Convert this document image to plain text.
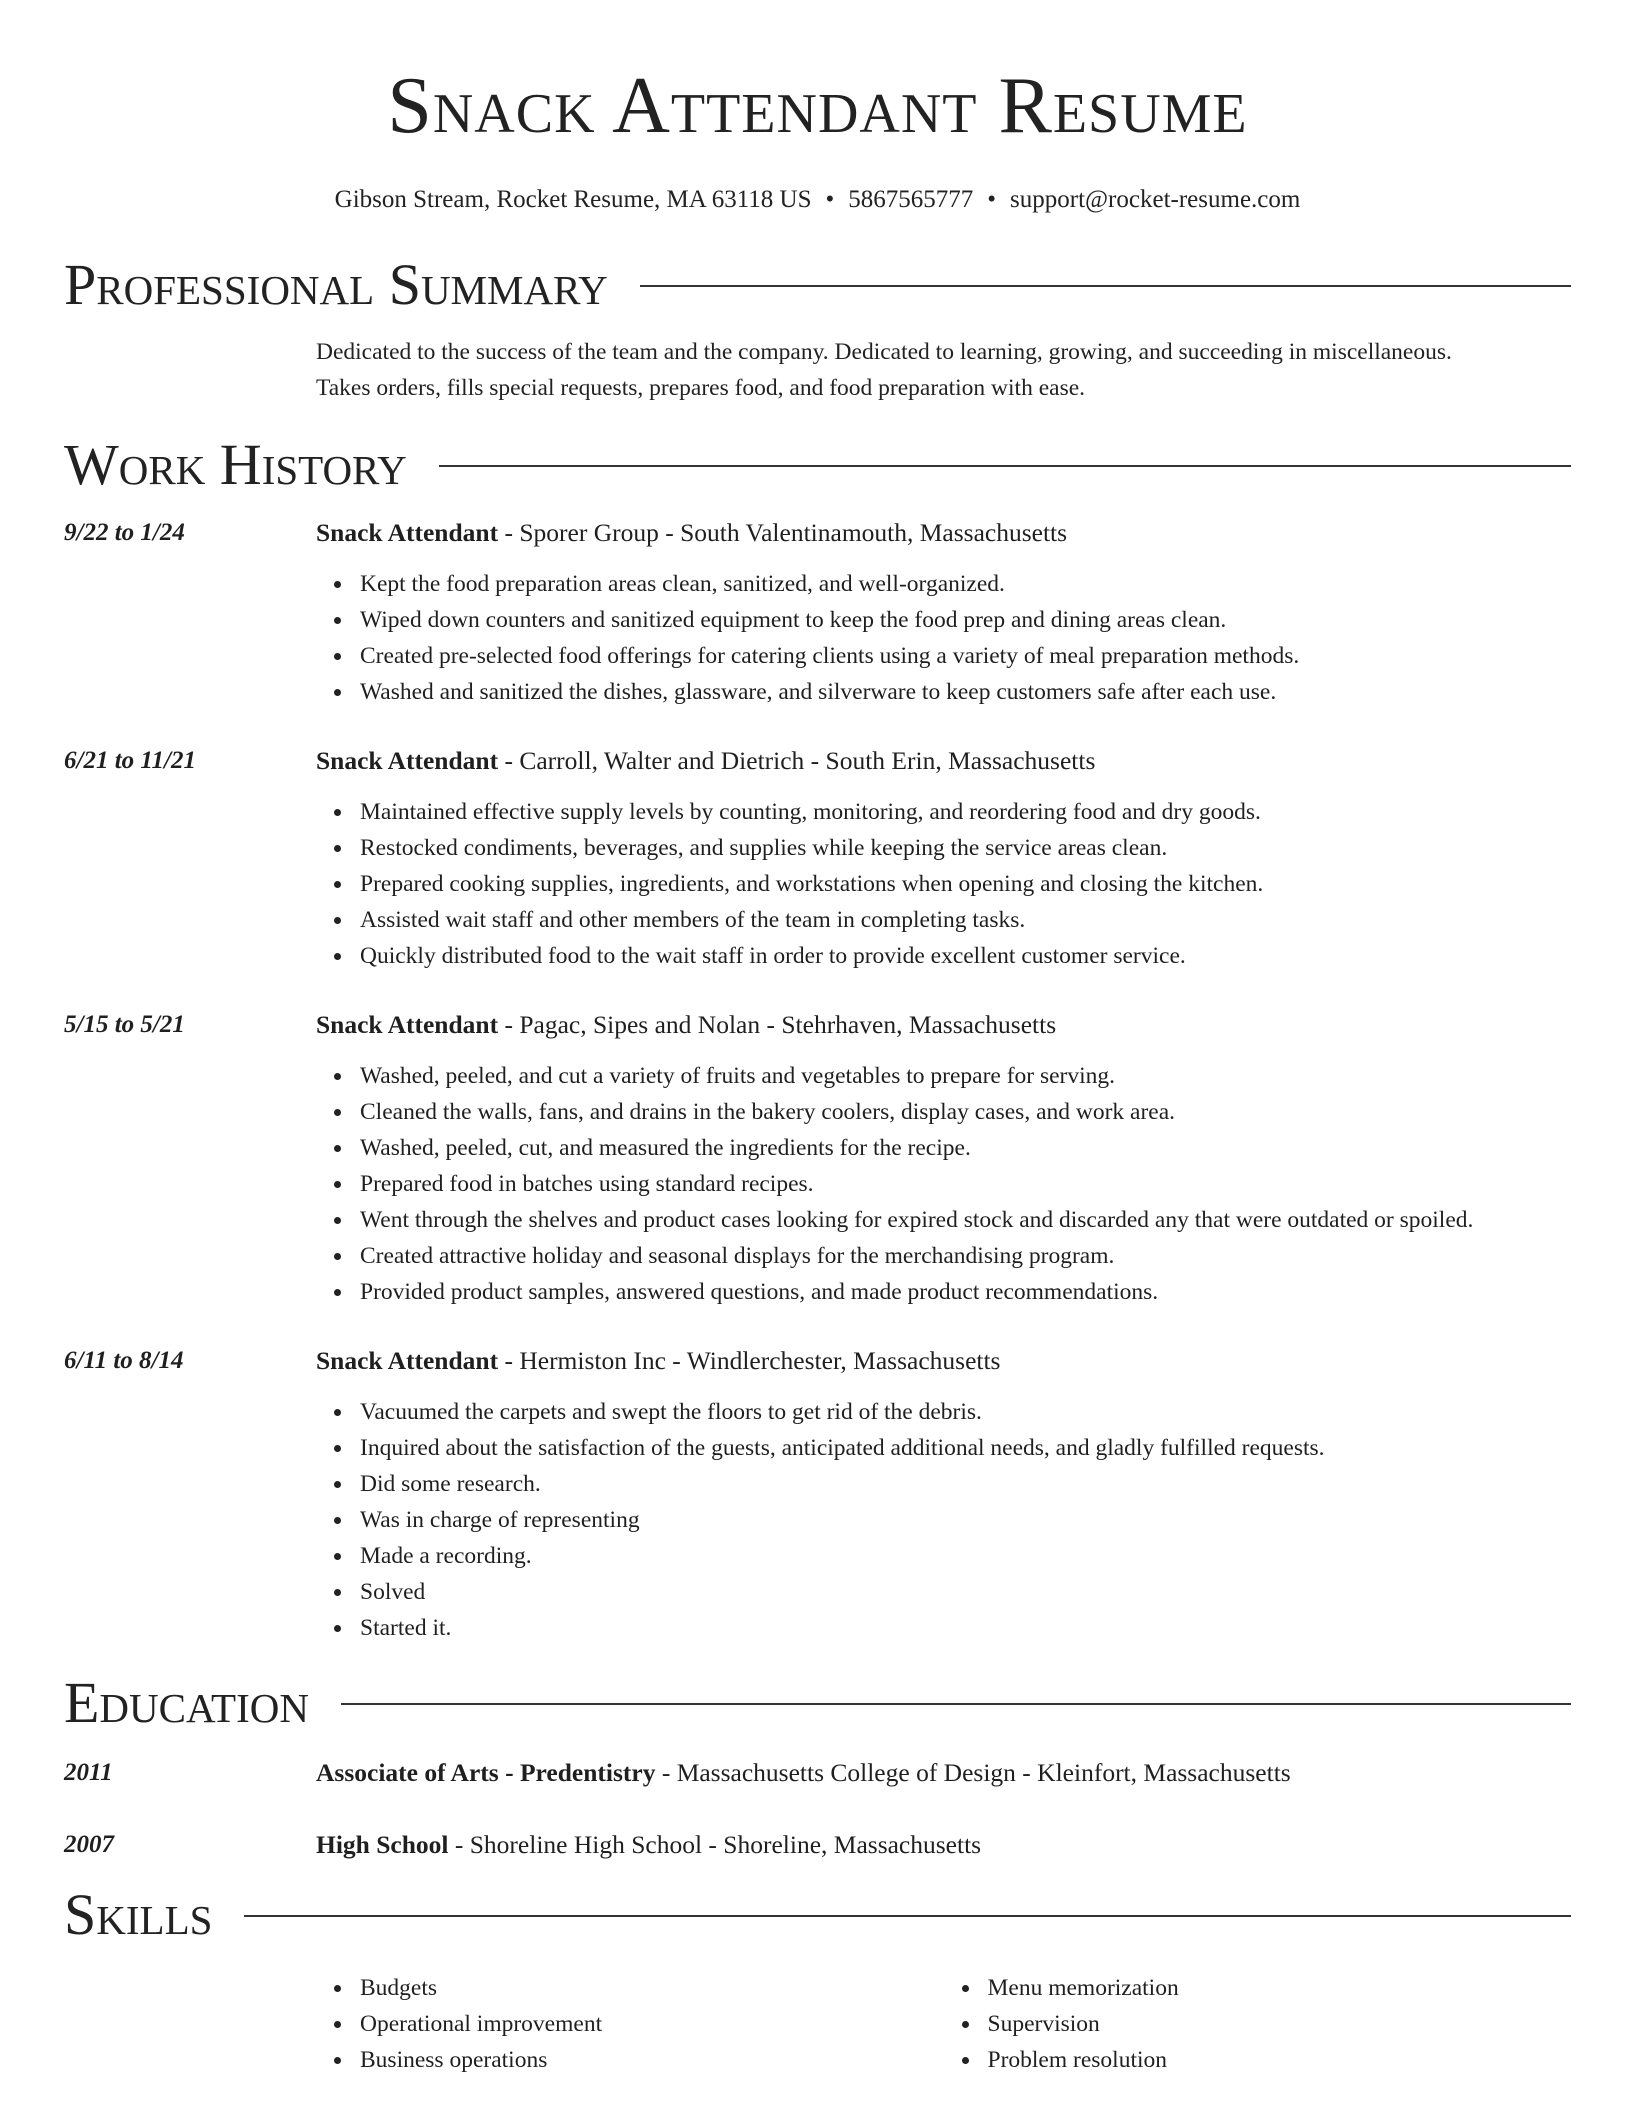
Snack Attendant Resume
Gibson Stream, Rocket Resume, MA 63118 US • 5867565777 • support@rocket-resume.com
Professional Summary
Dedicated to the success of the team and the company. Dedicated to learning, growing, and succeeding in miscellaneous.
Takes orders, fills special requests, prepares food, and food preparation with ease.
Work History
9/22 to 1/24	Snack Attendant - Sporer Group - South Valentinamouth, Massachusetts
Kept the food preparation areas clean, sanitized, and well-organized.
Wiped down counters and sanitized equipment to keep the food prep and dining areas clean.
Created pre-selected food offerings for catering clients using a variety of meal preparation methods.
Washed and sanitized the dishes, glassware, and silverware to keep customers safe after each use.
6/21 to 11/21	Snack Attendant - Carroll, Walter and Dietrich - South Erin, Massachusetts
Maintained effective supply levels by counting, monitoring, and reordering food and dry goods.
Restocked condiments, beverages, and supplies while keeping the service areas clean.
Prepared cooking supplies, ingredients, and workstations when opening and closing the kitchen.
Assisted wait staff and other members of the team in completing tasks.
Quickly distributed food to the wait staff in order to provide excellent customer service.
5/15 to 5/21	Snack Attendant - Pagac, Sipes and Nolan - Stehrhaven, Massachusetts
Washed, peeled, and cut a variety of fruits and vegetables to prepare for serving.
Cleaned the walls, fans, and drains in the bakery coolers, display cases, and work area.
Washed, peeled, cut, and measured the ingredients for the recipe.
Prepared food in batches using standard recipes.
Went through the shelves and product cases looking for expired stock and discarded any that were outdated or spoiled.
Created attractive holiday and seasonal displays for the merchandising program.
Provided product samples, answered questions, and made product recommendations.
6/11 to 8/14	Snack Attendant - Hermiston Inc - Windlerchester, Massachusetts
Vacuumed the carpets and swept the floors to get rid of the debris.
Inquired about the satisfaction of the guests, anticipated additional needs, and gladly fulfilled requests.
Did some research.
Was in charge of representing
Made a recording.
Solved
Started it.
Education
2011	Associate of Arts - Predentistry - Massachusetts College of Design - Kleinfort, Massachusetts
2007	High School - Shoreline High School - Shoreline, Massachusetts
Skills
Budgets
Operational improvement
Business operations
Menu memorization
Supervision
Problem resolution
